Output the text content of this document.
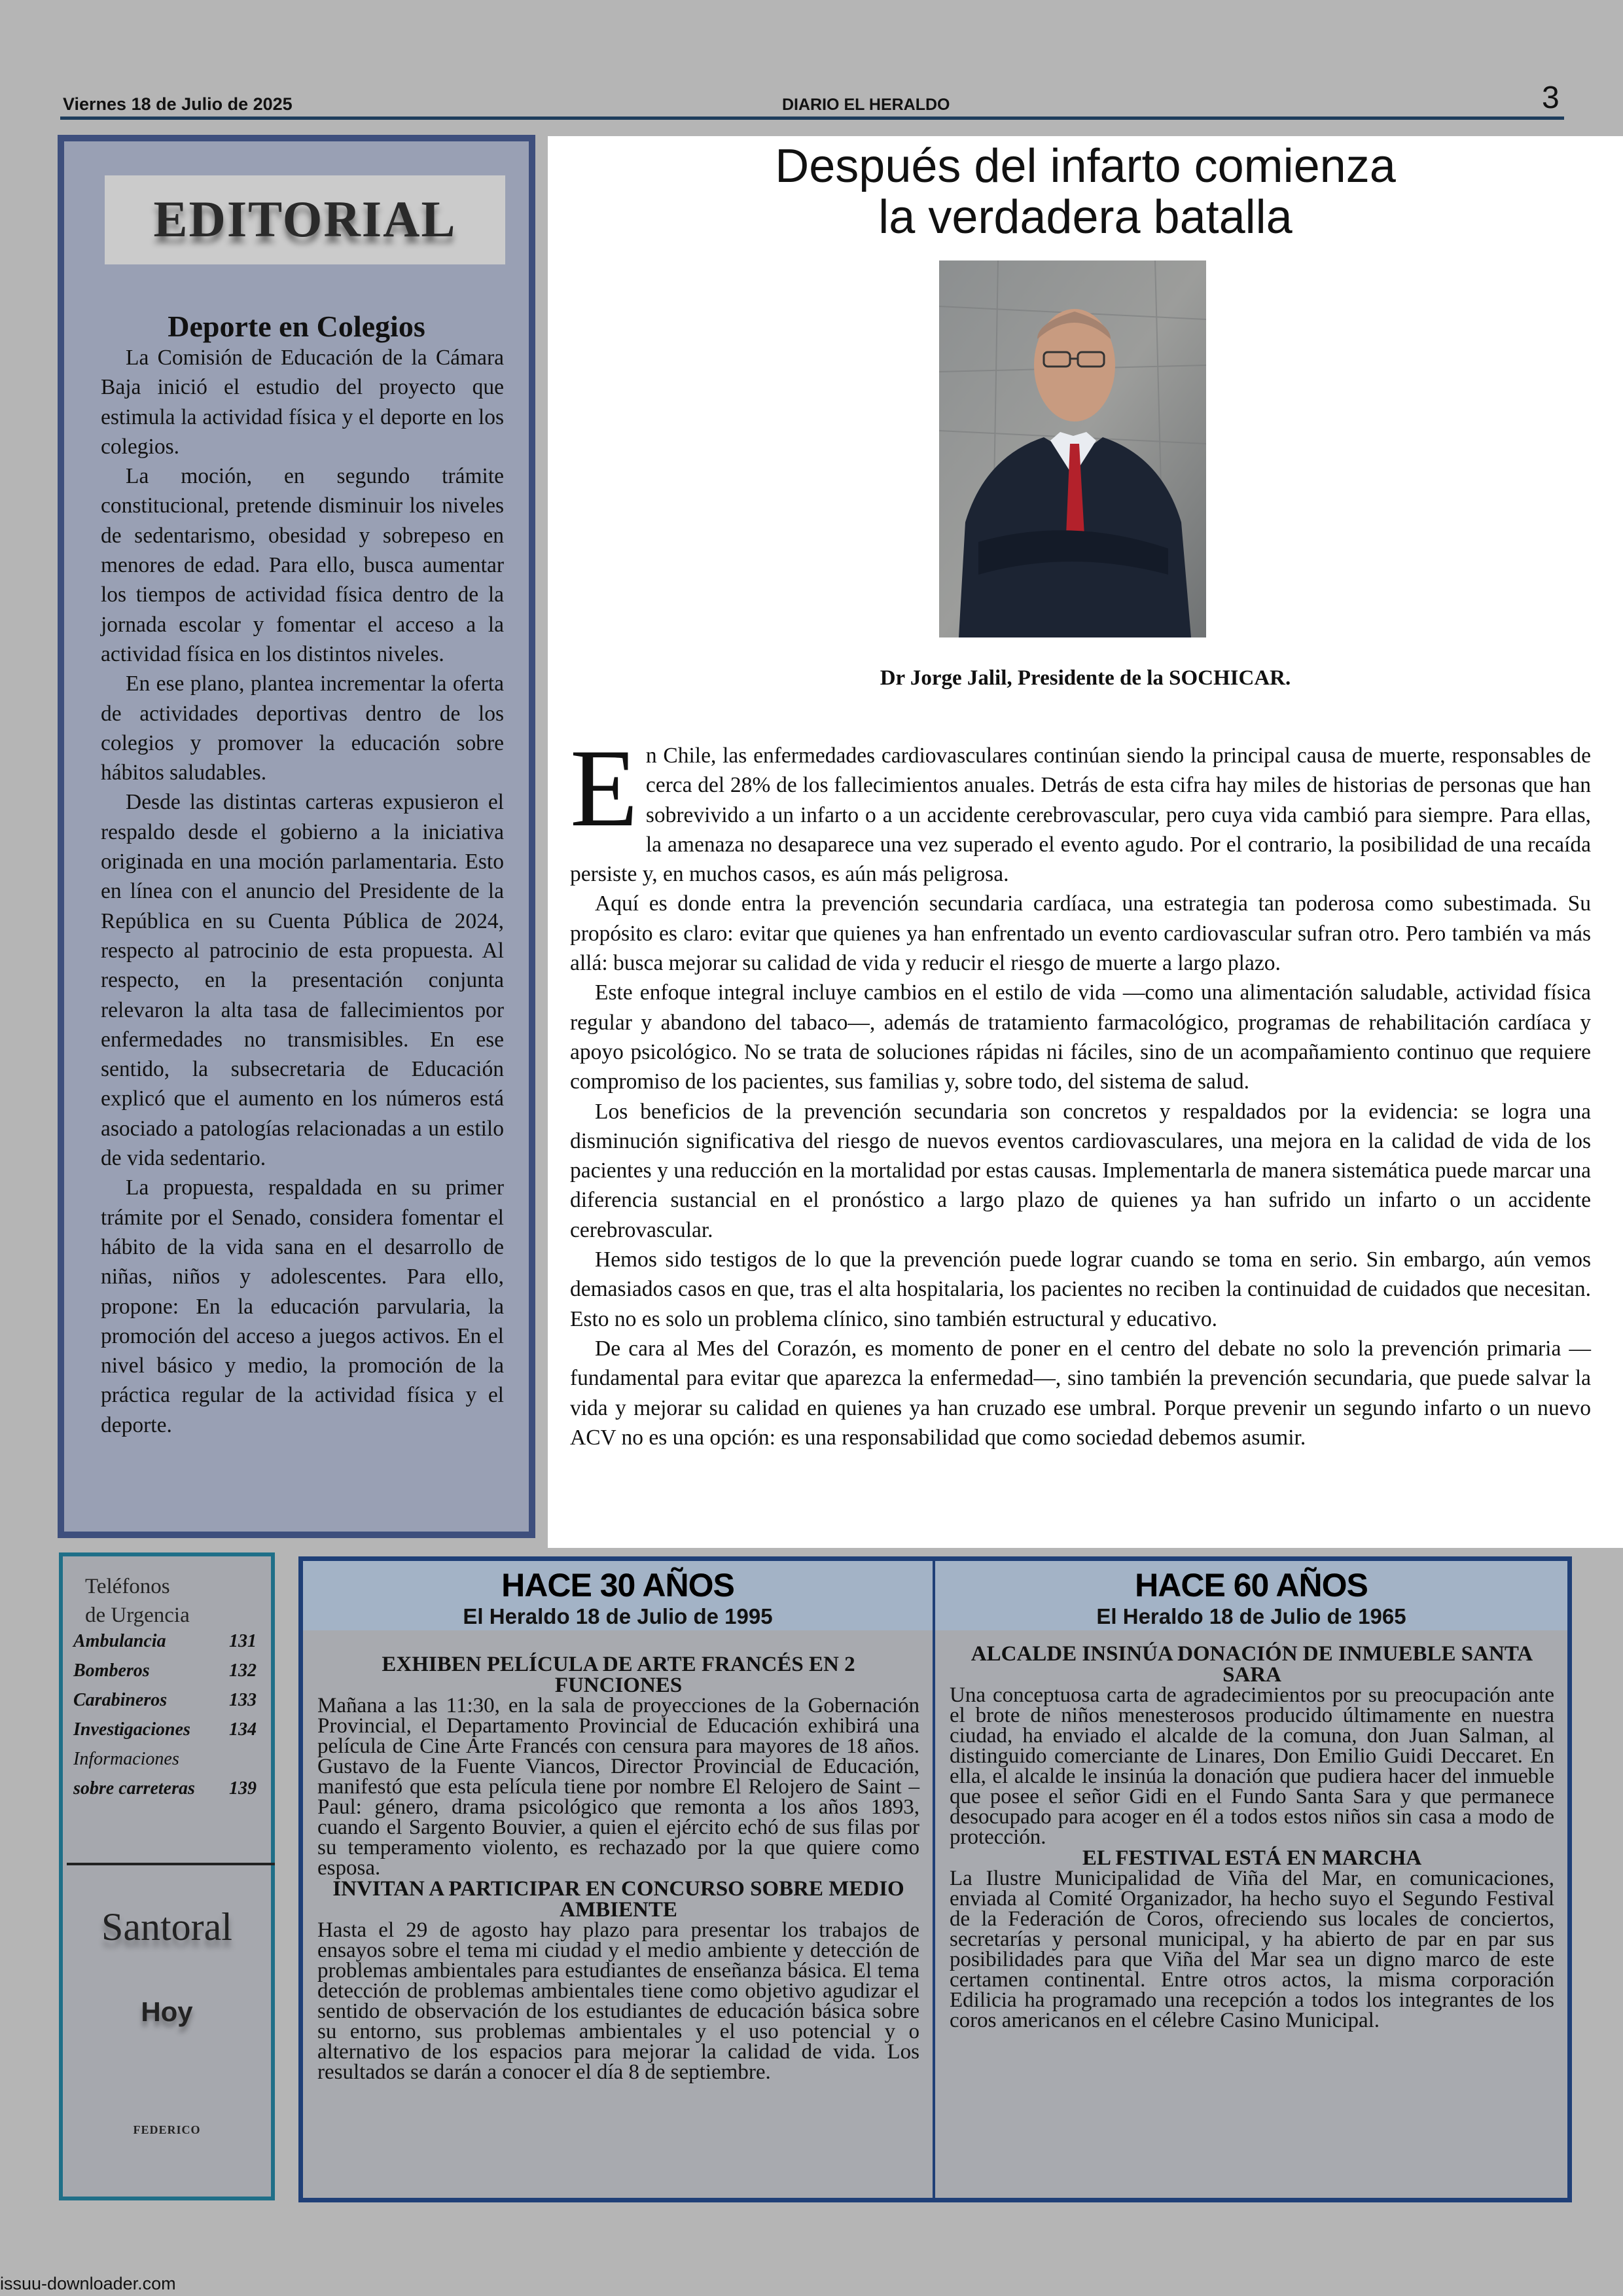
Viernes 18 de Julio de 2025	DIARIO EL HERALDO	3
EDITORIAL
Deporte en Colegios

La Comisión de Educación de la Cámara Baja inició el estudio del proyecto que estimula la actividad física y el deporte en los colegios.

La moción, en segundo trámite constitucional, pretende disminuir los niveles de sedentarismo, obesidad y sobrepeso en menores de edad. Para ello, busca aumentar los tiempos de actividad física dentro de la jornada escolar y fomentar el acceso a la actividad física en los distintos niveles.

En ese plano, plantea incrementar la oferta de actividades deportivas dentro de los colegios y promover la educación sobre hábitos saludables.

Desde las distintas carteras expusieron el respaldo desde el gobierno a la iniciativa originada en una moción parlamentaria. Esto en línea con el anuncio del Presidente de la República en su Cuenta Pública de 2024, respecto al patrocinio de esta propuesta. Al respecto, en la presentación conjunta relevaron la alta tasa de fallecimientos por enfermedades no transmisibles. En ese sentido, la subsecretaria de Educación explicó que el aumento en los números está asociado a patologías relacionadas a un estilo de vida sedentario.

La propuesta, respaldada en su primer trámite por el Senado, considera fomentar el hábito de la vida sana en el desarrollo de niñas, niños y adolescentes. Para ello, propone: En la educación parvularia, la promoción del acceso a juegos activos. En el nivel básico y medio, la promoción de la práctica regular de la actividad física y el deporte.

Después del infarto comienza
la verdadera batalla
Dr Jorge Jalil, Presidente de la SOCHICAR.

En Chile, las enfermedades cardiovasculares continúan siendo la principal causa de muerte, responsables de cerca del 28% de los fallecimientos anuales. Detrás de esta cifra hay miles de historias de personas que han sobrevivido a un infarto o a un accidente cerebrovascular, pero cuya vida cambió para siempre. Para ellas, la amenaza no desaparece una vez superado el evento agudo. Por el contrario, la posibilidad de una recaída persiste y, en muchos casos, es aún más peligrosa.

Aquí es donde entra la prevención secundaria cardíaca, una estrategia tan poderosa como subestimada. Su propósito es claro: evitar que quienes ya han enfrentado un evento cardiovascular sufran otro. Pero también va más allá: busca mejorar su calidad de vida y reducir el riesgo de muerte a largo plazo.

Este enfoque integral incluye cambios en el estilo de vida —como una alimentación saludable, actividad física regular y abandono del tabaco—, además de tratamiento farmacológico, programas de rehabilitación cardíaca y apoyo psicológico. No se trata de soluciones rápidas ni fáciles, sino de un acompañamiento continuo que requiere compromiso de los pacientes, sus familias y, sobre todo, del sistema de salud.

Los beneficios de la prevención secundaria son concretos y respaldados por la evidencia: se logra una disminución significativa del riesgo de nuevos eventos cardiovasculares, una mejora en la calidad de vida de los pacientes y una reducción en la mortalidad por estas causas. Implementarla de manera sistemática puede marcar una diferencia sustancial en el pronóstico a largo plazo de quienes ya han sufrido un infarto o un accidente cerebrovascular.

Hemos sido testigos de lo que la prevención puede lograr cuando se toma en serio. Sin embargo, aún vemos demasiados casos en que, tras el alta hospitalaria, los pacientes no reciben la continuidad de cuidados que necesitan. Esto no es solo un problema clínico, sino también estructural y educativo.

De cara al Mes del Corazón, es momento de poner en el centro del debate no solo la prevención primaria —fundamental para evitar que aparezca la enfermedad—, sino también la prevención secundaria, que puede salvar la vida y mejorar su calidad en quienes ya han cruzado ese umbral. Porque prevenir un segundo infarto o un nuevo ACV no es una opción: es una responsabilidad que como sociedad debemos asumir.

Teléfonos
de Urgencia
Ambulancia	131
Bomberos	132
Carabineros	133
Investigaciones 134
Informaciones
sobre carreteras 139
Santoral
Hoy
FEDERICO
HACE 30 AÑOS
El Heraldo 18 de Julio de 1995
EXHIBEN PELÍCULA DE ARTE FRANCÉS EN 2 FUNCIONES

Mañana a las 11:30, en la sala de proyecciones de la Gobernación Provincial, el Departamento Provincial de Educación exhibirá una película de Cine Arte Francés con censura para mayores de 18 años. Gustavo de la Fuente Viancos, Director Provincial de Educación, manifestó que esta película tiene por nombre El Relojero de Saint – Paul: género, drama psicológico que remonta a los años 1893, cuando el Sargento Bouvier, a quien el ejército echó de sus filas por su temperamento violento, es rechazado por la que quiere como esposa.

INVITAN A PARTICIPAR EN CONCURSO SOBRE MEDIO AMBIENTE

Hasta el 29 de agosto hay plazo para presentar los trabajos de ensayos sobre el tema mi ciudad y el medio ambiente y detección de problemas ambientales para estudiantes de enseñanza básica. El tema detección de problemas ambientales tiene como objetivo agudizar el sentido de observación de los estudiantes de educación básica sobre su entorno, sus problemas ambientales y el uso potencial y o alternativo de los espacios para mejorar la calidad de vida. Los resultados se darán a conocer el día 8 de septiembre.

HACE 60 AÑOS
El Heraldo 18 de Julio de 1965
ALCALDE INSINÚA DONACIÓN DE INMUEBLE SANTA SARA

Una conceptuosa carta de agradecimientos por su preocupación ante el brote de niños menesterosos producido últimamente en nuestra ciudad, ha enviado el alcalde de la comuna, don Juan Salman, al distinguido comerciante de Linares, Don Emilio Guidi Deccaret. En ella, el alcalde le insinúa la donación que pudiera hacer del inmueble que posee el señor Gidi en el Fundo Santa Sara y que permanece desocupado para acoger en él a todos estos niños sin casa a modo de protección.

EL FESTIVAL ESTÁ EN MARCHA

La Ilustre Municipalidad de Viña del Mar, en comunicaciones, enviada al Comité Organizador, ha hecho suyo el Segundo Festival de la Federación de Coros, ofreciendo sus locales de conciertos, secretarías y personal municipal, y ha abierto de par en par sus posibilidades para que Viña del Mar sea un digno marco de este certamen continental. Entre otros actos, la misma corporación Edilicia ha programado una recepción a todos los integrantes de los coros americanos en el célebre Casino Municipal.

issuu-downloader.com
